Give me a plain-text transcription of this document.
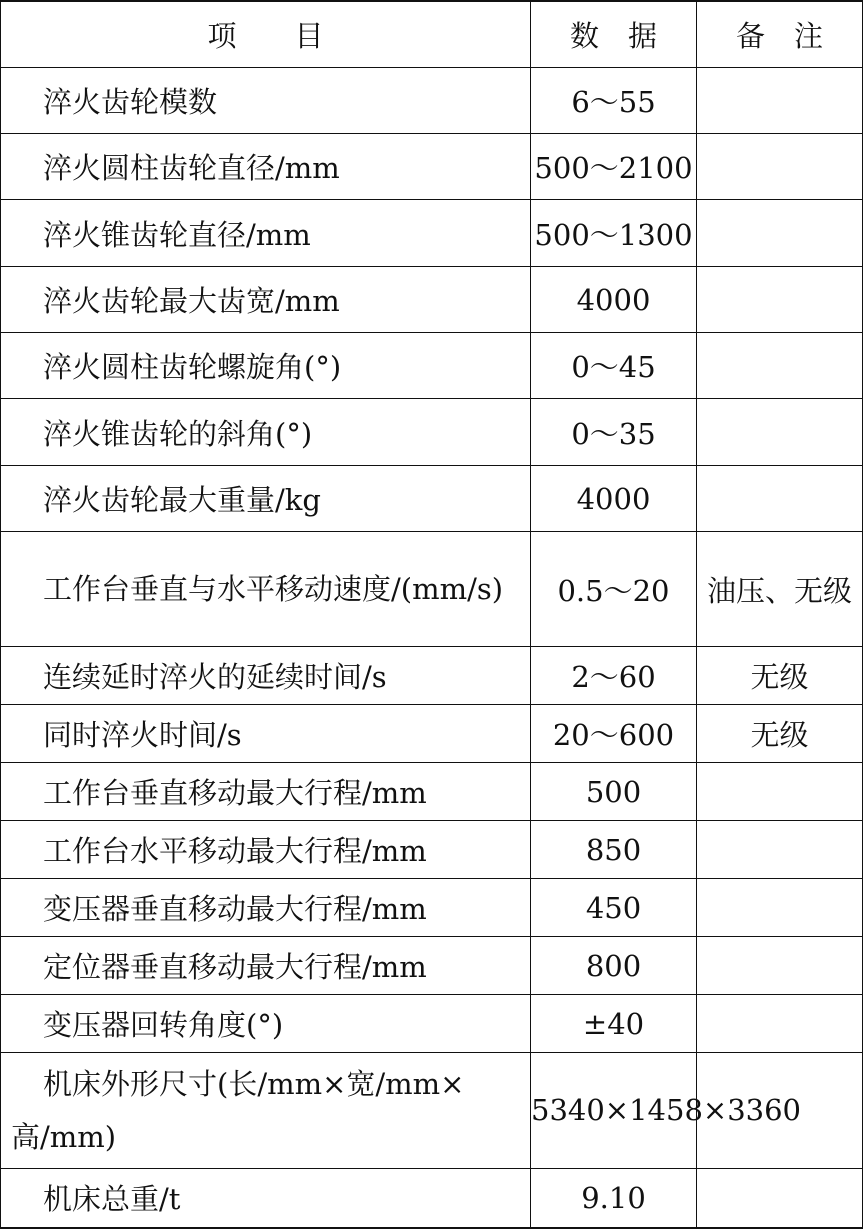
项　　目	数　据	备　注
淬火齿轮模数	6～55	
淬火圆柱齿轮直径/mm	500～2100	
淬火锥齿轮直径/mm	500～1300	
淬火齿轮最大齿宽/mm	4000	
淬火圆柱齿轮螺旋角(°)	0～45	
淬火锥齿轮的斜角(°)	0～35	
淬火齿轮最大重量/kg	4000	
工作台垂直与水平移动速度/(mm/s)	0.5～20	油压、无级
连续延时淬火的延续时间/s	2～60	无级
同时淬火时间/s	20～600	无级
工作台垂直移动最大行程/mm	500	
工作台水平移动最大行程/mm	850	
变压器垂直移动最大行程/mm	450	
定位器垂直移动最大行程/mm	800	
变压器回转角度(°)	±40	
机床外形尺寸(长/mm×宽/mm×高/mm)	5340×1458×3360	
机床总重/t	9.10	
